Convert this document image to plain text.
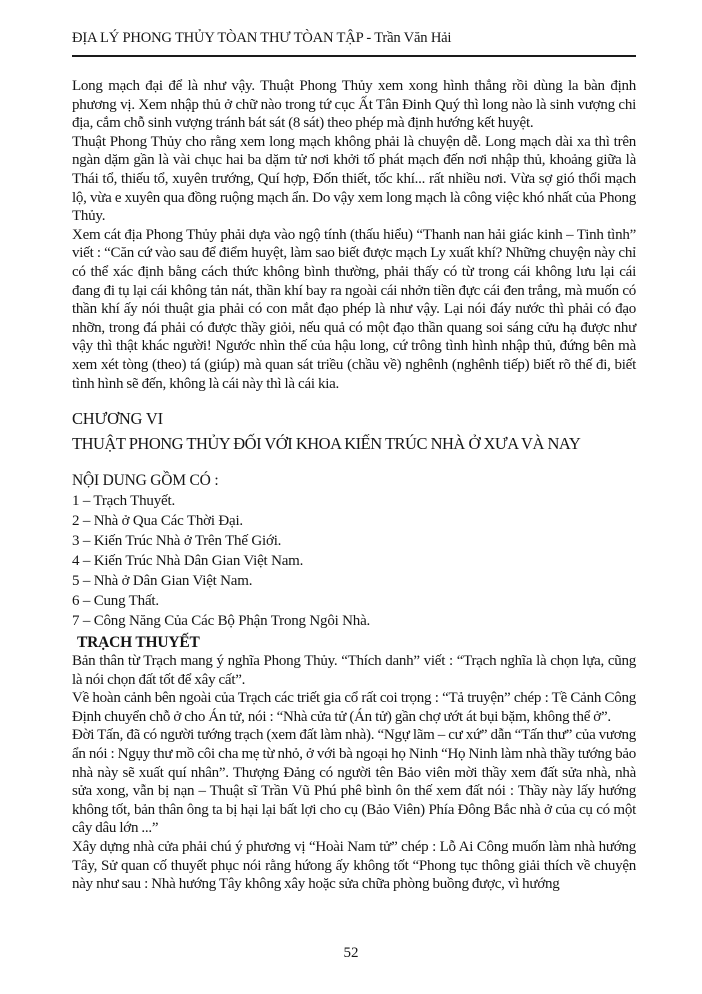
ĐỊA LÝ PHONG THỦY TÒAN THƯ TÒAN TẬP - Trần Văn Hải

Long mạch đại để là như vậy. Thuật Phong Thủy xem xong hình thẳng rồi dùng la bàn định phương vị. Xem nhập thủ ở chữ nào trong tứ cục Ất Tân Đinh Quý thì long nào là sinh vượng chi địa, cắm chỗ sinh vượng tránh bát sát (8 sát) theo phép mà định hướng kết huyệt.

Thuật Phong Thủy cho rằng xem long mạch không phải là chuyện dễ. Long mạch dài xa thì trên ngàn dặm gần là vài chục hai ba dặm tử nơi khởi tố phát mạch đến nơi nhập thủ, khoảng giữa là Thái tổ, thiếu tổ, xuyên trướng, Quí hợp, Đốn thiết, tốc khí... rất nhiều nơi. Vừa sợ gió thổi mạch lộ, vừa e xuyên qua đồng ruộng mạch ẩn. Do vậy xem long mạch là công việc khó nhất của Phong Thủy.

Xem cát địa Phong Thủy phải dựa vào ngộ tính (thấu hiểu) “Thanh nan hải giác kinh – Tinh tình” viết : “Căn cứ vào sau để điểm huyệt, làm sao biết được mạch Ly xuất khí? Những chuyện này chỉ có thể xác định bằng cách thức không bình thường, phải thấy có từ trong cái không lưu lại cái đang đi tụ lại cái không tản nát, thần khí bay ra ngoài cái nhởn tiền đực cái đen trắng, mà muốn có thần khí ấy nói thuật gia phải có con mắt đạo phép là như vậy. Lại nói đáy nước thì phải có đạo nhỡn, trong đá phải có được thầy giỏi, nếu quả có một đạo thần quang soi sáng cửu hạ được như vậy thì thật khác người! Ngước nhìn thế của hậu long, cứ trông tình hình nhập thủ, đứng bên mà xem xét tòng (theo) tá (giúp) mà quan sát triều (chầu về) nghênh (nghênh tiếp) biết rõ thế đi, biết tình hình sẽ đến, không là cái này thì là cái kia.

CHƯƠNG VI
THUẬT PHONG THỦY ĐỐI VỚI KHOA KIẾN TRÚC NHÀ Ở XƯA VÀ NAY
NỘI DUNG GỒM CÓ :
1 – Trạch Thuyết.
2 – Nhà ở Qua Các Thời Đại.
3 – Kiến Trúc Nhà ở Trên Thế Giới.
4 – Kiến Trúc Nhà Dân Gian Việt Nam.
5 – Nhà ở Dân Gian Việt Nam.
6 – Cung Thất.
7 – Công Năng Của Các Bộ Phận Trong Ngôi Nhà.
TRẠCH THUYẾT

Bản thân từ Trạch mang ý nghĩa Phong Thủy. “Thích danh” viết : “Trạch nghĩa là chọn lựa, cũng là nói chọn đất tốt để xây cất”.

Về hoàn cảnh bên ngoài của Trạch các triết gia cổ rất coi trọng : “Tả truyện” chép : Tề Cảnh Công Định chuyển chỗ ở cho Án tử, nói : “Nhà cửa tử (Án tử) gần chợ ướt át bụi bặm, không thể ở”.

Đời Tấn, đã có người tướng trạch (xem đất làm nhà). “Ngự lãm – cư xứ” dẫn “Tấn thư” của vương ẩn nói : Ngụy thư mồ côi cha mẹ từ nhỏ, ở với bà ngoại họ Ninh “Họ Ninh làm nhà thầy tướng bảo nhà này sẽ xuất quí nhân”. Thượng Đảng có người tên Bảo viên mời thầy xem đất sửa nhà, nhà sửa xong, vẫn bị nạn – Thuật sĩ Trần Vũ Phú phê bình ôn thế xem đất nói : Thầy này lấy hướng không tốt, bản thân ông ta bị hại lại bất lợi cho cụ (Bảo Viên) Phía Đông Bắc nhà ở của cụ có một cây dâu lớn ...”

Xây dựng nhà cửa phải chú ý phương vị “Hoài Nam tử” chép : Lỗ Ai Công muốn làm nhà hướng Tây, Sử quan cố thuyết phục nói rằng hứong ấy không tốt “Phong tục thông giải thích về chuyện này như sau : Nhà hướng Tây không xây hoặc sửa chữa phòng buồng được, vì hướng

52
